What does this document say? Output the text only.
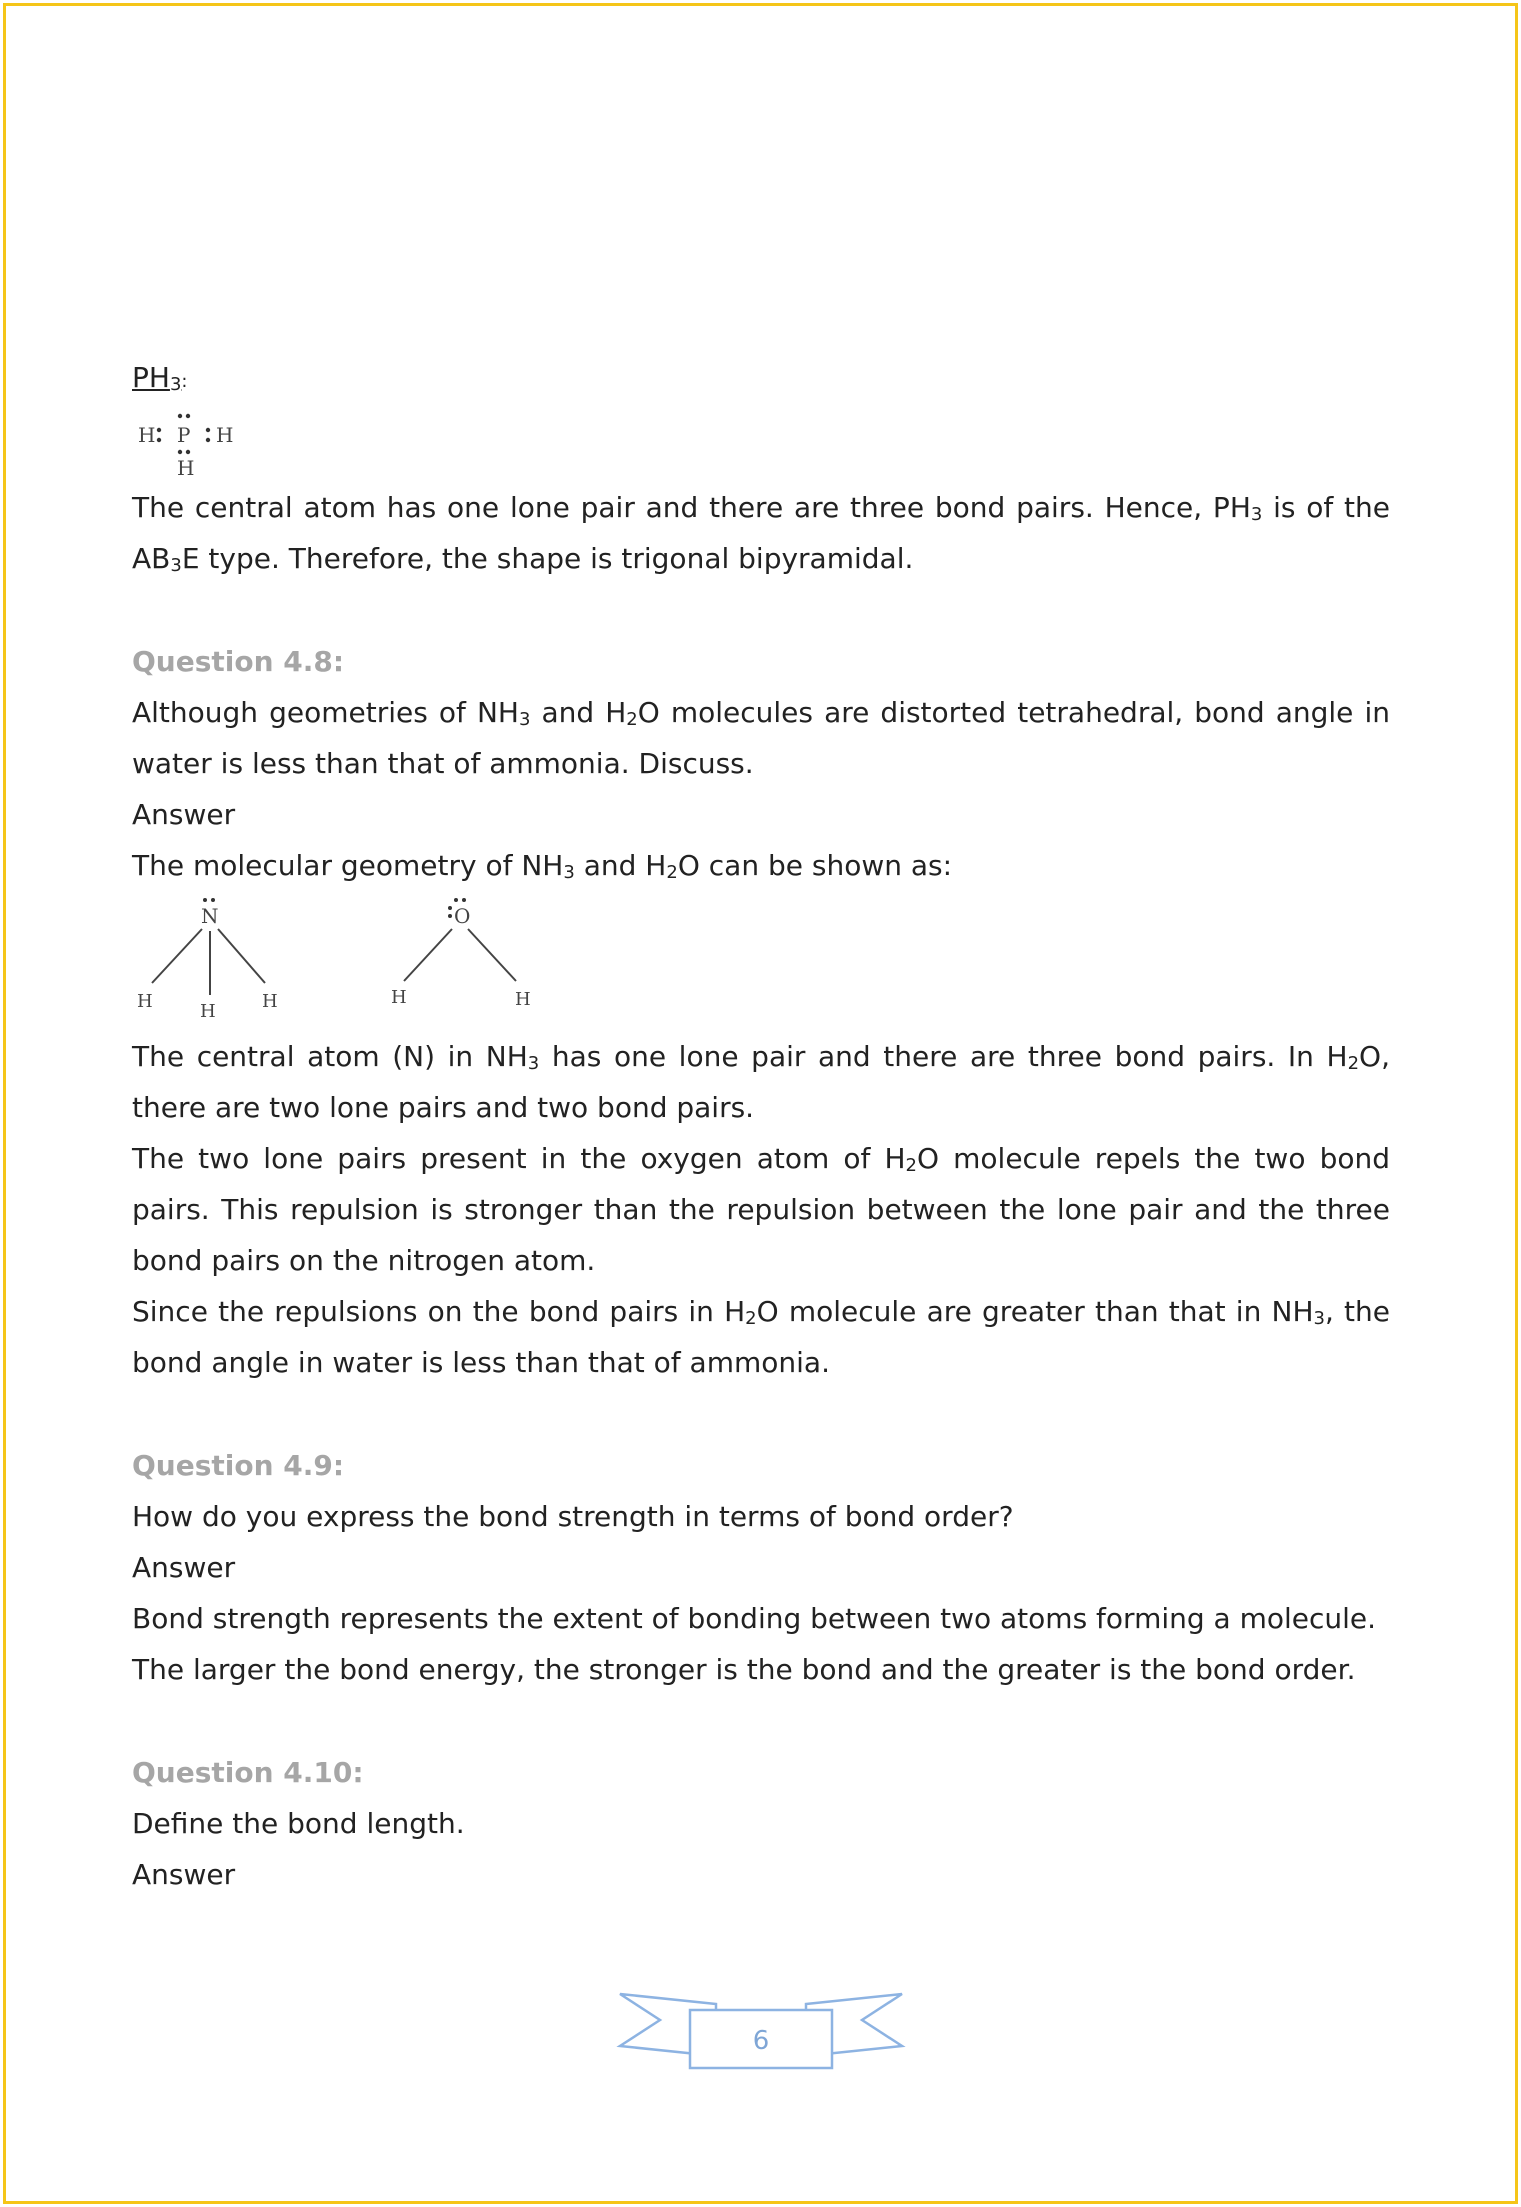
$PH_3$:

H P H
H

The central atom has one lone pair and there are three bond pairs. Hence, $PH_3$ is of the $AB_3E$ type. Therefore, the shape is trigonal bipyramidal.

Question 4.8:

Although geometries of $NH_3$ and $H_2O$ molecules are distorted tetrahedral, bond angle in water is less than that of ammonia. Discuss.

Answer

The molecular geometry of $NH_3$ and $H_2O$ can be shown as:

N
H	H	H
O
H	H

The central atom (N) in $NH_3$ has one lone pair and there are three bond pairs. In $H_2O$, there are two lone pairs and two bond pairs.

The two lone pairs present in the oxygen atom of $H_2O$ molecule repels the two bond pairs. This repulsion is stronger than the repulsion between the lone pair and the three bond pairs on the nitrogen atom.

Since the repulsions on the bond pairs in $H_2O$ molecule are greater than that in $NH_3$, the bond angle in water is less than that of ammonia.

Question 4.9:

How do you express the bond strength in terms of bond order?

Answer

Bond strength represents the extent of bonding between two atoms forming a molecule.

The larger the bond energy, the stronger is the bond and the greater is the bond order.

Question 4.10:

Define the bond length.

Answer

6
